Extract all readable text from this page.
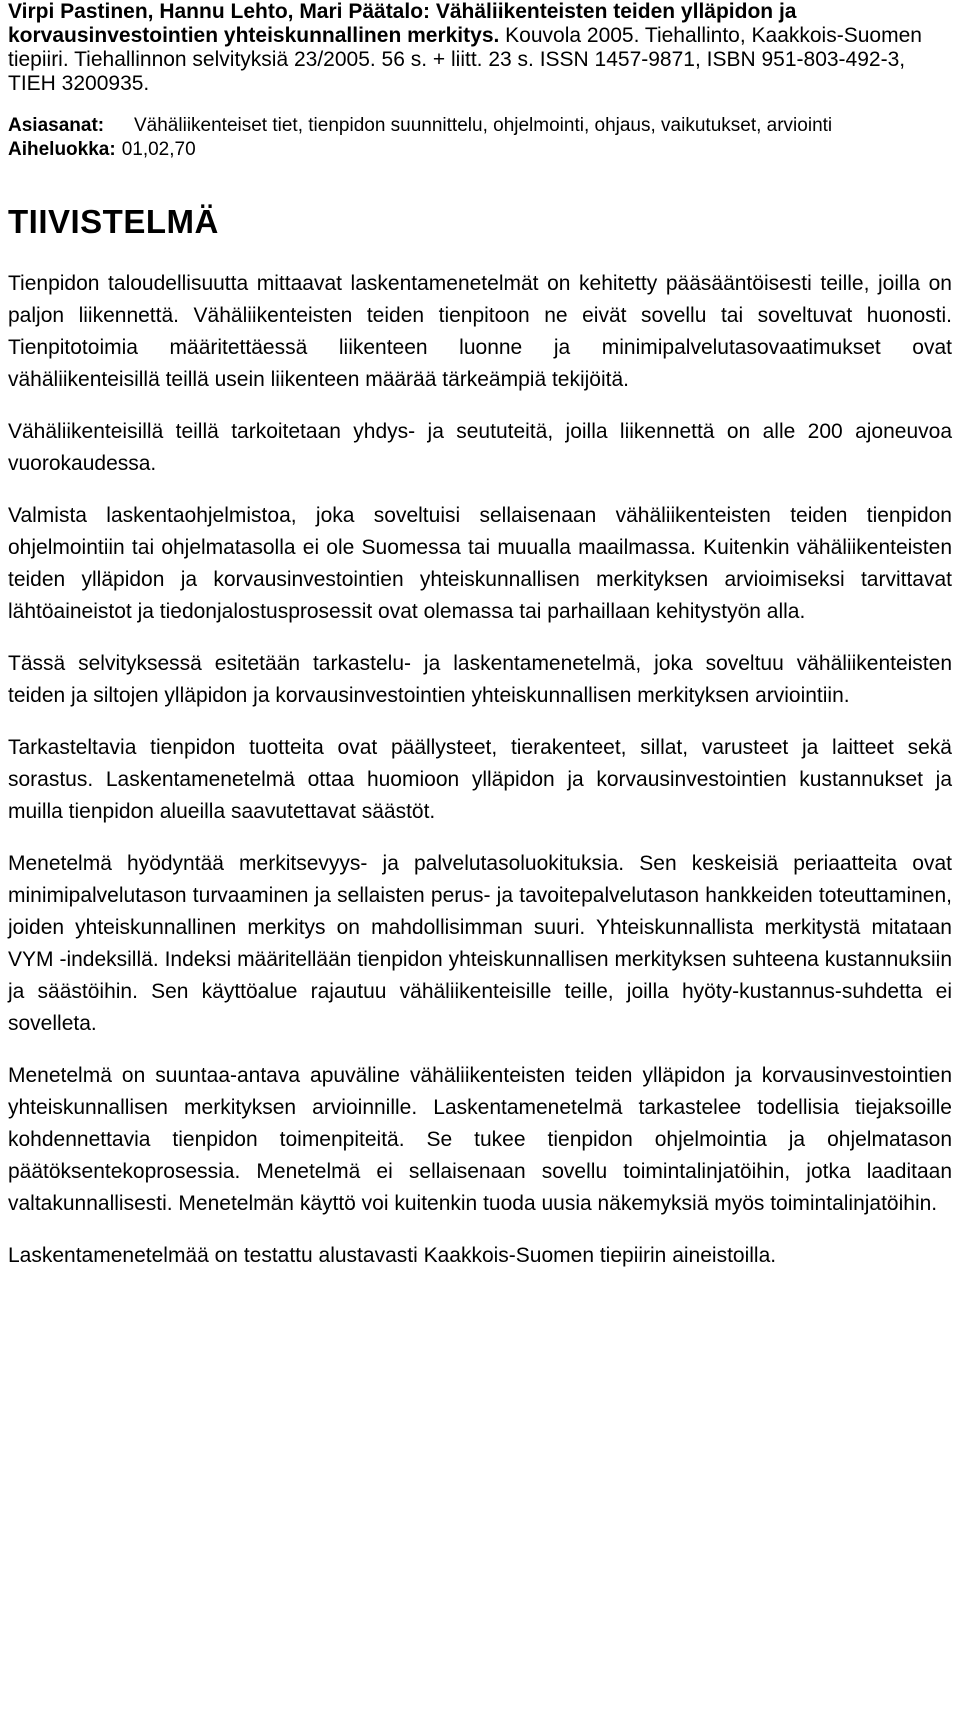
Virpi Pastinen, Hannu Lehto, Mari Päätalo: Vähäliikenteisten teiden ylläpidon ja korvausinvestointien yhteiskunnallinen merkitys. Kouvola 2005. Tiehallinto, Kaakkois-Suomen tiepiiri. Tiehallinnon selvityksiä 23/2005. 56 s. + liitt. 23 s. ISSN 1457-9871, ISBN 951-803-492-3, TIEH 3200935.

Asiasanat:	Vähäliikenteiset tiet, tienpidon suunnittelu, ohjelmointi, ohjaus, vaikutukset, arviointi
Aiheluokka: 01,02,70
TIIVISTELMÄ

Tienpidon taloudellisuutta mittaavat laskentamenetelmät on kehitetty pääsääntöisesti teille, joilla on paljon liikennettä. Vähäliikenteisten teiden tienpitoon ne eivät sovellu tai soveltuvat huonosti. Tienpitotoimia määritettäessä liikenteen luonne ja minimipalvelutasovaatimukset ovat vähäliikenteisillä teillä usein liikenteen määrää tärkeämpiä tekijöitä.

Vähäliikenteisillä teillä tarkoitetaan yhdys- ja seututeitä, joilla liikennettä on alle 200 ajoneuvoa vuorokaudessa.

Valmista laskentaohjelmistoa, joka soveltuisi sellaisenaan vähäliikenteisten teiden tienpidon ohjelmointiin tai ohjelmatasolla ei ole Suomessa tai muualla maailmassa. Kuitenkin vähäliikenteisten teiden ylläpidon ja korvausinvestointien yhteiskunnallisen merkityksen arvioimiseksi tarvittavat lähtöaineistot ja tiedonjalostusprosessit ovat olemassa tai parhaillaan kehitystyön alla.

Tässä selvityksessä esitetään tarkastelu- ja laskentamenetelmä, joka soveltuu vähäliikenteisten teiden ja siltojen ylläpidon ja korvausinvestointien yhteiskunnallisen merkityksen arviointiin.

Tarkasteltavia tienpidon tuotteita ovat päällysteet, tierakenteet, sillat, varusteet ja laitteet sekä sorastus. Laskentamenetelmä ottaa huomioon ylläpidon ja korvausinvestointien kustannukset ja muilla tienpidon alueilla saavutettavat säästöt.

Menetelmä hyödyntää merkitsevyys- ja palvelutasoluokituksia. Sen keskeisiä periaatteita ovat minimipalvelutason turvaaminen ja sellaisten perus- ja tavoitepalvelutason hankkeiden toteuttaminen, joiden yhteiskunnallinen merkitys on mahdollisimman suuri. Yhteiskunnallista merkitystä mitataan VYM -indeksillä. Indeksi määritellään tienpidon yhteiskunnallisen merkityksen suhteena kustannuksiin ja säästöihin. Sen käyttöalue rajautuu vähäliikenteisille teille, joilla hyöty-kustannus-suhdetta ei sovelleta.

Menetelmä on suuntaa-antava apuväline vähäliikenteisten teiden ylläpidon ja korvausinvestointien yhteiskunnallisen merkityksen arvioinnille. Laskentamenetelmä tarkastelee todellisia tiejaksoille kohdennettavia tienpidon toimenpiteitä. Se tukee tienpidon ohjelmointia ja ohjelmatason päätöksentekoprosessia. Menetelmä ei sellaisenaan sovellu toimintalinjatöihin, jotka laaditaan valtakunnallisesti. Menetelmän käyttö voi kuitenkin tuoda uusia näkemyksiä myös toimintalinjatöihin.

Laskentamenetelmää on testattu alustavasti Kaakkois-Suomen tiepiirin aineistoilla.
